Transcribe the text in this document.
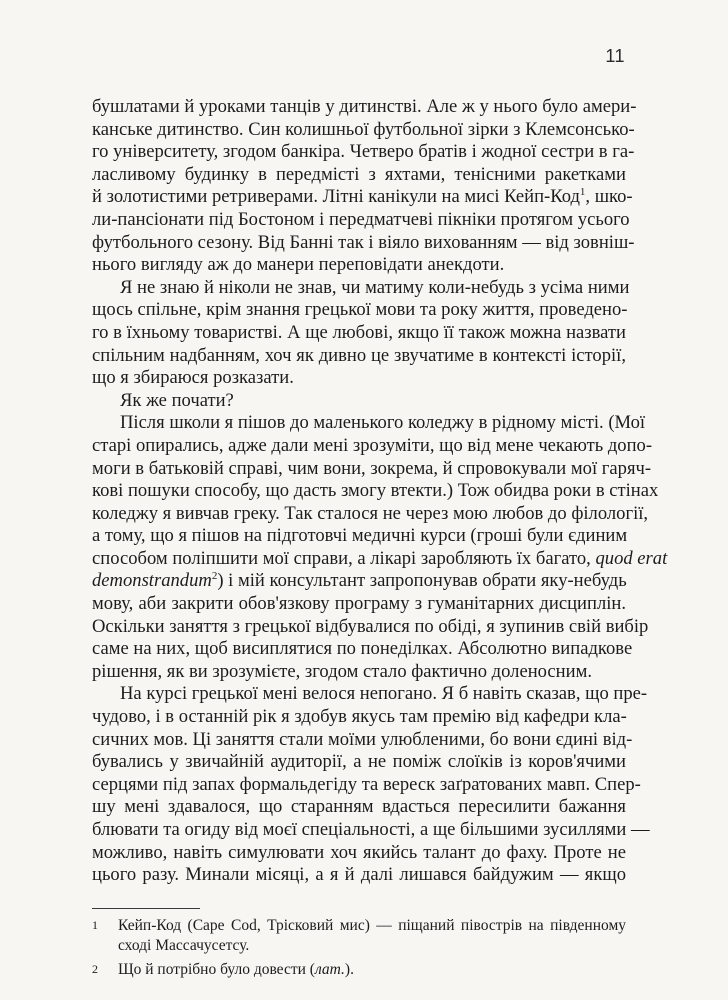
11
бушлатами й уроками танців у дитинстві. Але ж у нього було амери-
канське дитинство. Син колишньої футбольної зірки з Клемсонсько-
го університету, згодом банкіра. Четверо братів і жодної сестри в га-
ласливому будинку в передмісті з яхтами, тенісними ракетками
й золотистими ретриверами. Літні канікули на мисі Кейп-Код$^1$, шко-
ли-пансіонати під Бостоном і передматчеві пікніки протягом усього
футбольного сезону. Від Банні так і віяло вихованням — від зовніш-
нього вигляду аж до манери переповідати анекдоти.
Я не знаю й ніколи не знав, чи матиму коли-небудь з усіма ними
щось спільне, крім знання грецької мови та року життя, проведено-
го в їхньому товаристві. А ще любові, якщо її також можна назвати
спільним надбанням, хоч як дивно це звучатиме в контексті історії,
що я збираюся розказати.
Як же почати?
Після школи я пішов до маленького коледжу в рідному місті. (Мої
старі опирались, адже дали мені зрозуміти, що від мене чекають допо-
моги в батьковій справі, чим вони, зокрема, й спровокували мої гаряч-
кові пошуки способу, що дасть змогу втекти.) Тож обидва роки в стінах
коледжу я вивчав греку. Так сталося не через мою любов до філології,
а тому, що я пішов на підготовчі медичні курси (гроші були єдиним
способом поліпшити мої справи, а лікарі заробляють їх багато, quod erat
demonstrandum$^2$) і мій консультант запропонував обрати яку-небудь
мову, аби закрити обов'язкову програму з гуманітарних дисциплін.
Оскільки заняття з грецької відбувалися по обіді, я зупинив свій вибір
саме на них, щоб висиплятися по понеділках. Абсолютно випадкове
рішення, як ви зрозумієте, згодом стало фактично доленосним.
На курсі грецької мені велося непогано. Я б навіть сказав, що пре-
чудово, і в останній рік я здобув якусь там премію від кафедри кла-
сичних мов. Ці заняття стали моїми улюбленими, бо вони єдині від-
бувались у звичайній аудиторії, а не поміж слоїків із коров'ячими
серцями під запах формальдегіду та вереск заґратованих мавп. Спер-
шу мені здавалося, що старанням вдасться пересилити бажання
блювати та огиду від моєї спеціальності, а ще більшими зусиллями —
можливо, навіть симулювати хоч якийсь талант до фаху. Проте не
цього разу. Минали місяці, а я й далі лишався байдужим — якщо
1	Кейп-Код (Cape Cod, Трісковий мис) — піщаний півострів на південному сході Массачусетсу.
2	Що й потрібно було довести (лат.).
